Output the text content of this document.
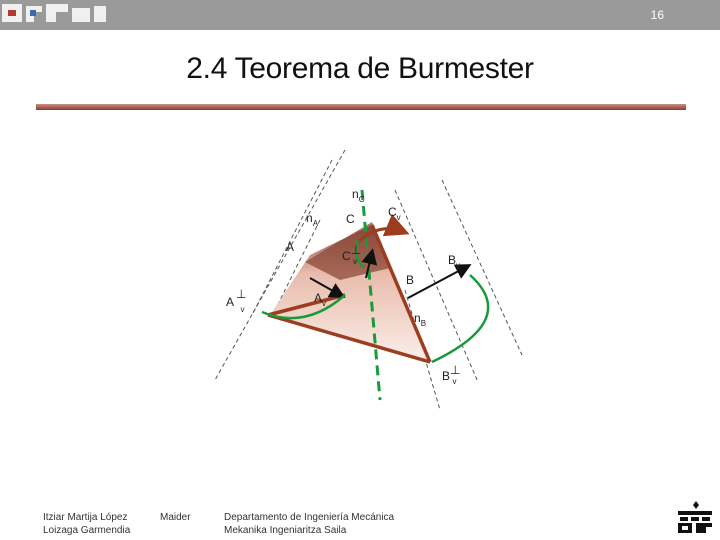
16
2.4 Teorema de Burmester
$n_C$
$n_A$ C	$C_v$
A
C⊥ v	$B_v$
B
A⊥ v
$A_v$
$n_B$
B⊥ v
Itziar Martija López
Loizaga Garmendia
Maider	Departamento de Ingeniería Mecánica
Mekanika Ingeniaritza Saila
